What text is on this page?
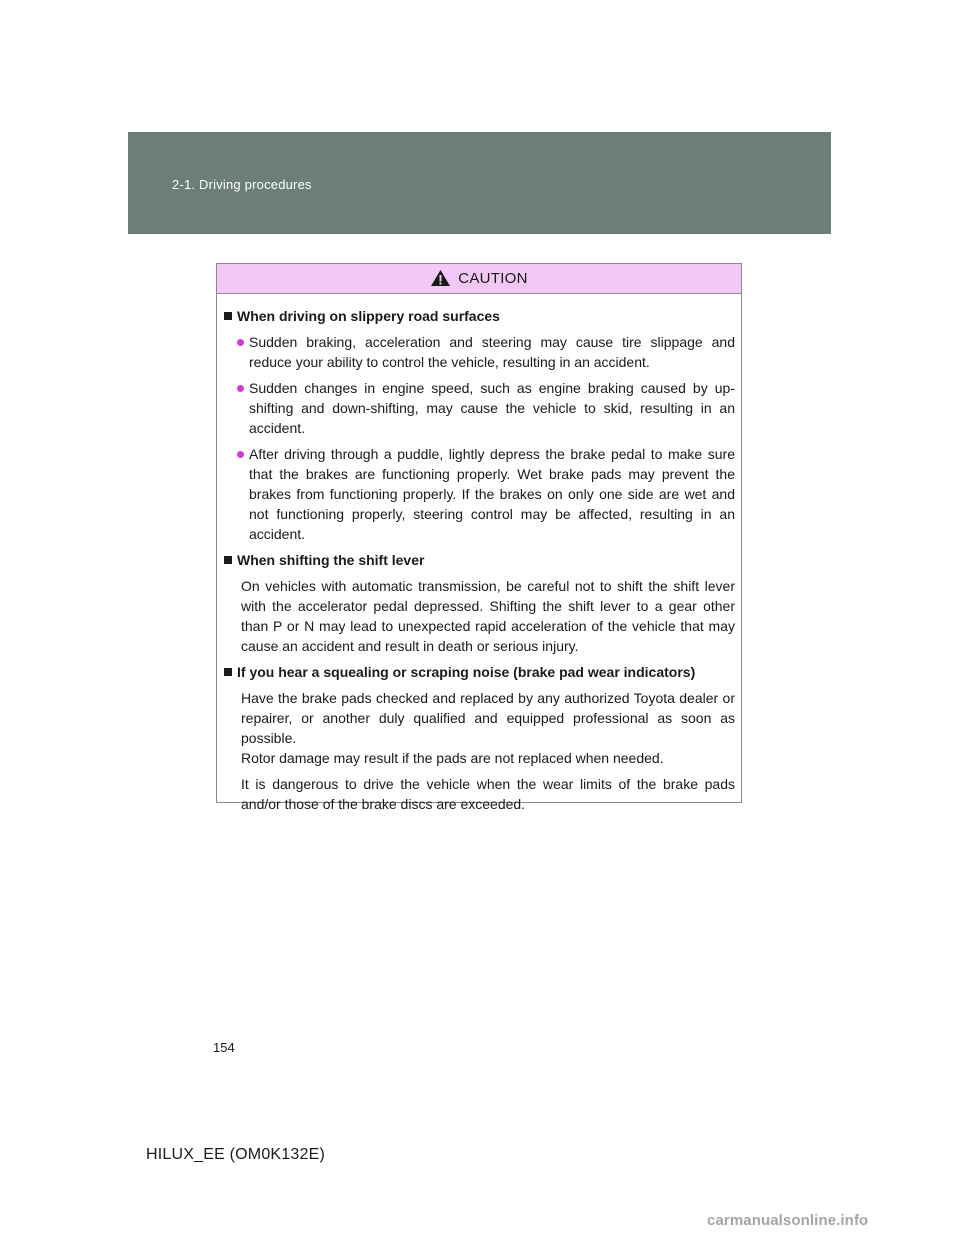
2-1. Driving procedures
CAUTION
When driving on slippery road surfaces
Sudden braking, acceleration and steering may cause tire slippage and reduce your ability to control the vehicle, resulting in an accident.
Sudden changes in engine speed, such as engine braking caused by up-shifting and down-shifting, may cause the vehicle to skid, resulting in an accident.
After driving through a puddle, lightly depress the brake pedal to make sure that the brakes are functioning properly. Wet brake pads may prevent the brakes from functioning properly. If the brakes on only one side are wet and not functioning properly, steering control may be affected, resulting in an accident.
When shifting the shift lever
On vehicles with automatic transmission, be careful not to shift the shift lever with the accelerator pedal depressed. Shifting the shift lever to a gear other than P or N may lead to unexpected rapid acceleration of the vehicle that may cause an accident and result in death or serious injury.
If you hear a squealing or scraping noise (brake pad wear indicators)
Have the brake pads checked and replaced by any authorized Toyota dealer or repairer, or another duly qualified and equipped professional as soon as possible.
Rotor damage may result if the pads are not replaced when needed.
It is dangerous to drive the vehicle when the wear limits of the brake pads and/or those of the brake discs are exceeded.
154
HILUX_EE (OM0K132E)
carmanualsonline.info
